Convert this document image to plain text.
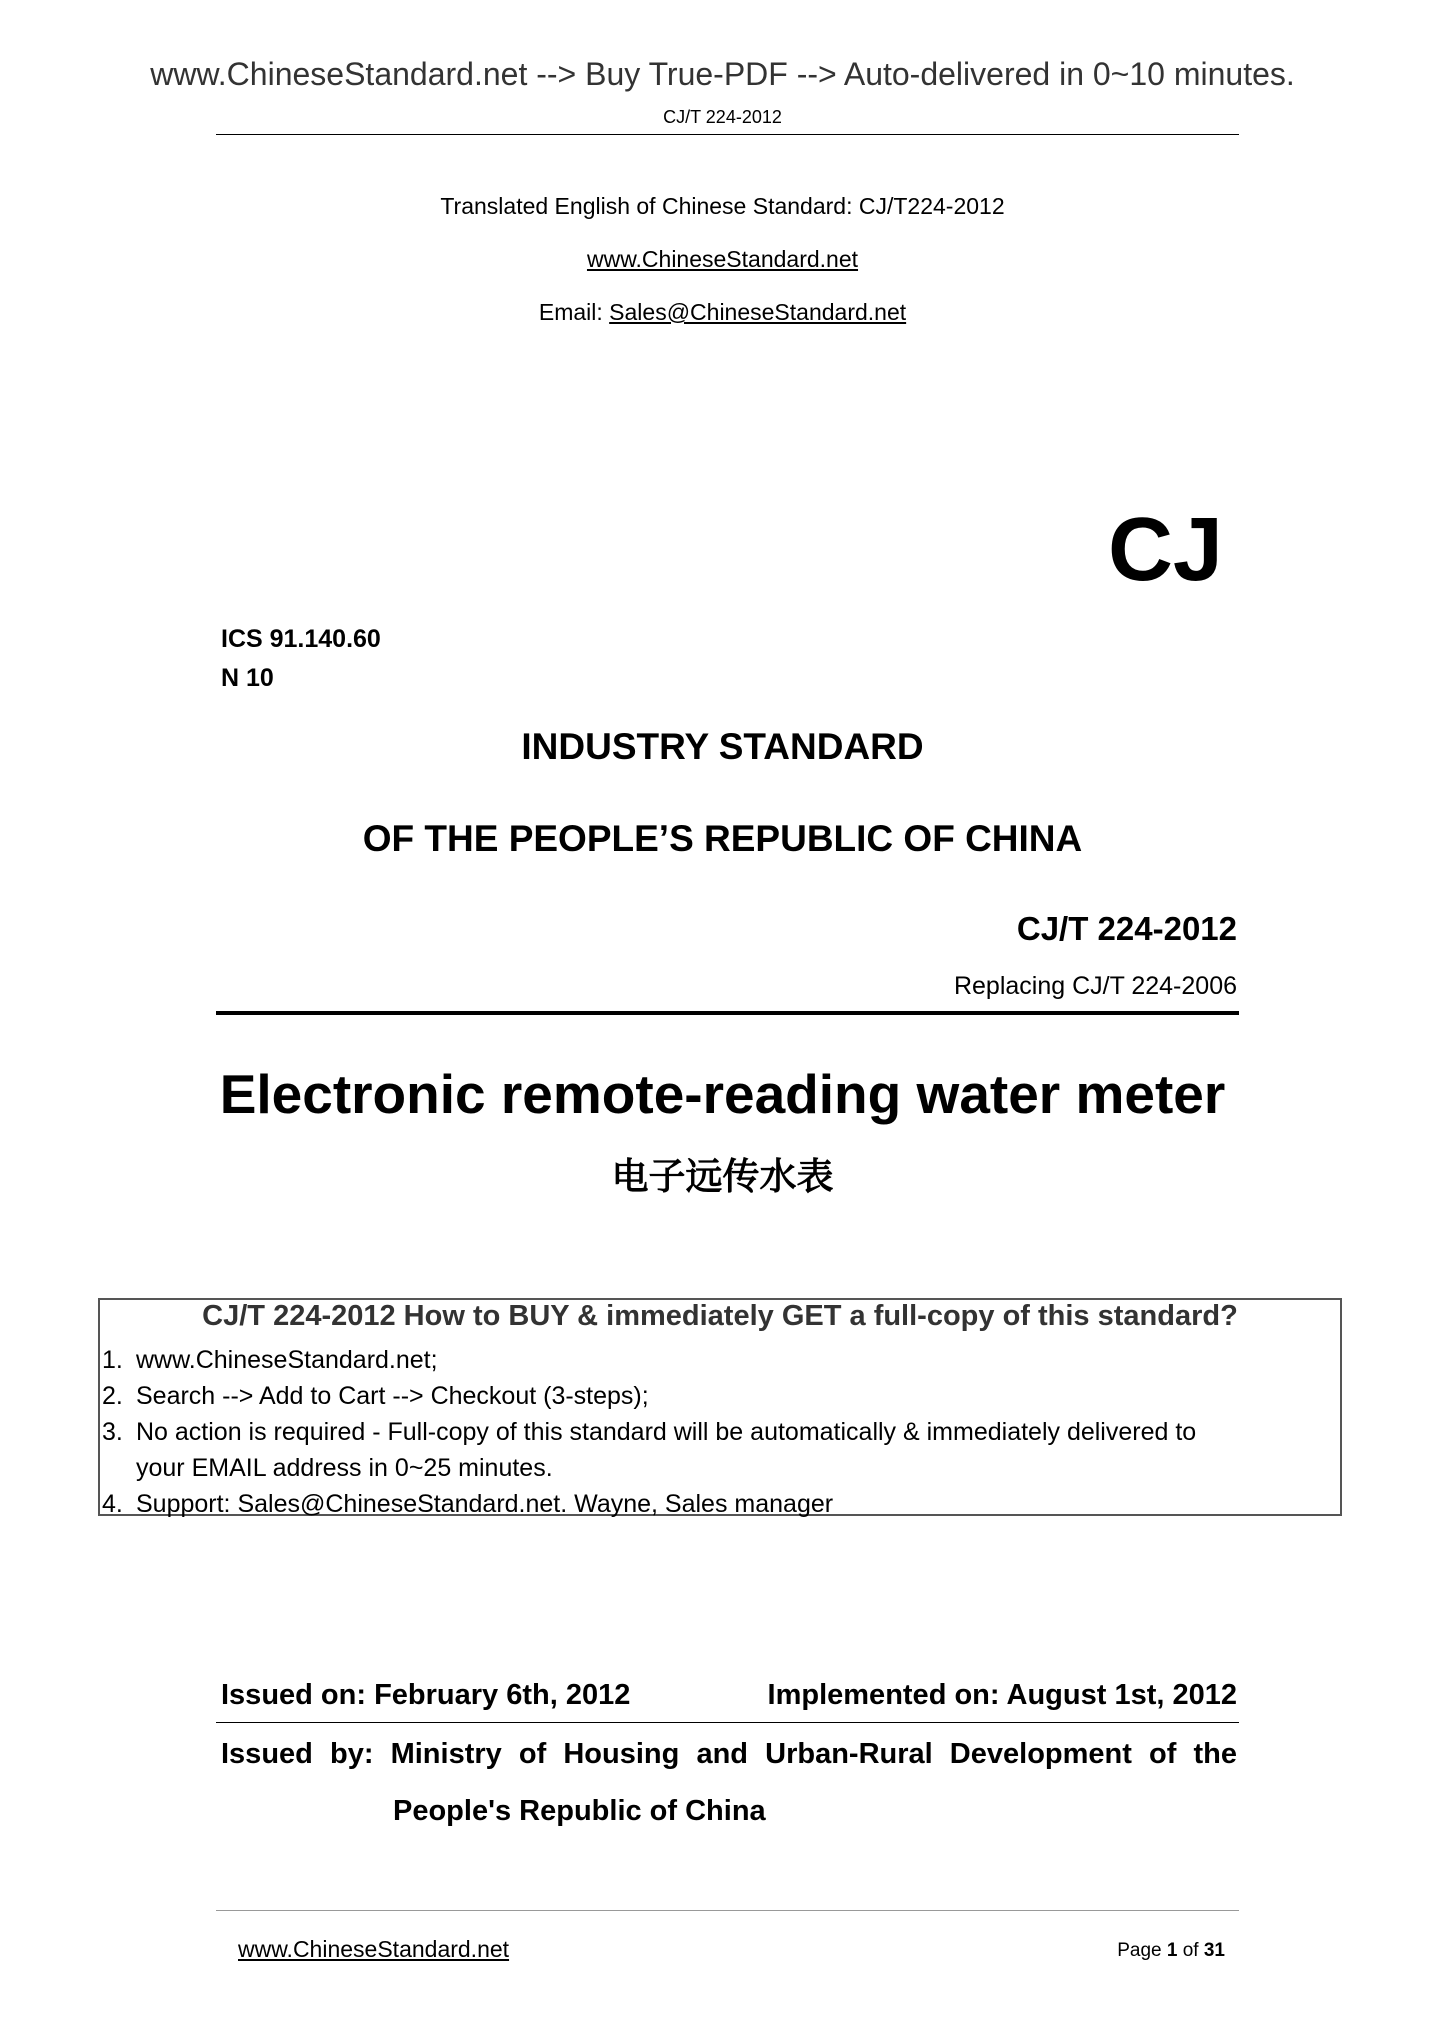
www.ChineseStandard.net --> Buy True-PDF --> Auto-delivered in 0~10 minutes.
CJ/T 224-2012
Translated English of Chinese Standard: CJ/T224-2012
www.ChineseStandard.net
Email: Sales@ChineseStandard.net
CJ
ICS 91.140.60
N 10
INDUSTRY STANDARD
OF THE PEOPLE’S REPUBLIC OF CHINA
CJ/T 224-2012
Replacing CJ/T 224-2006
Electronic remote-reading water meter
电子远传水表
CJ/T 224-2012 How to BUY & immediately GET a full-copy of this standard?
1. www.ChineseStandard.net;
2. Search --> Add to Cart --> Checkout (3-steps);
3. No action is required - Full-copy of this standard will be automatically & immediately delivered to
your EMAIL address in 0~25 minutes.
4. Support: Sales@ChineseStandard.net. Wayne, Sales manager
Issued on: February 6th, 2012	Implemented on: August 1st, 2012
Issued by: Ministry of Housing and Urban-Rural Development of the
People's Republic of China
www.ChineseStandard.net	Page 1 of 31
